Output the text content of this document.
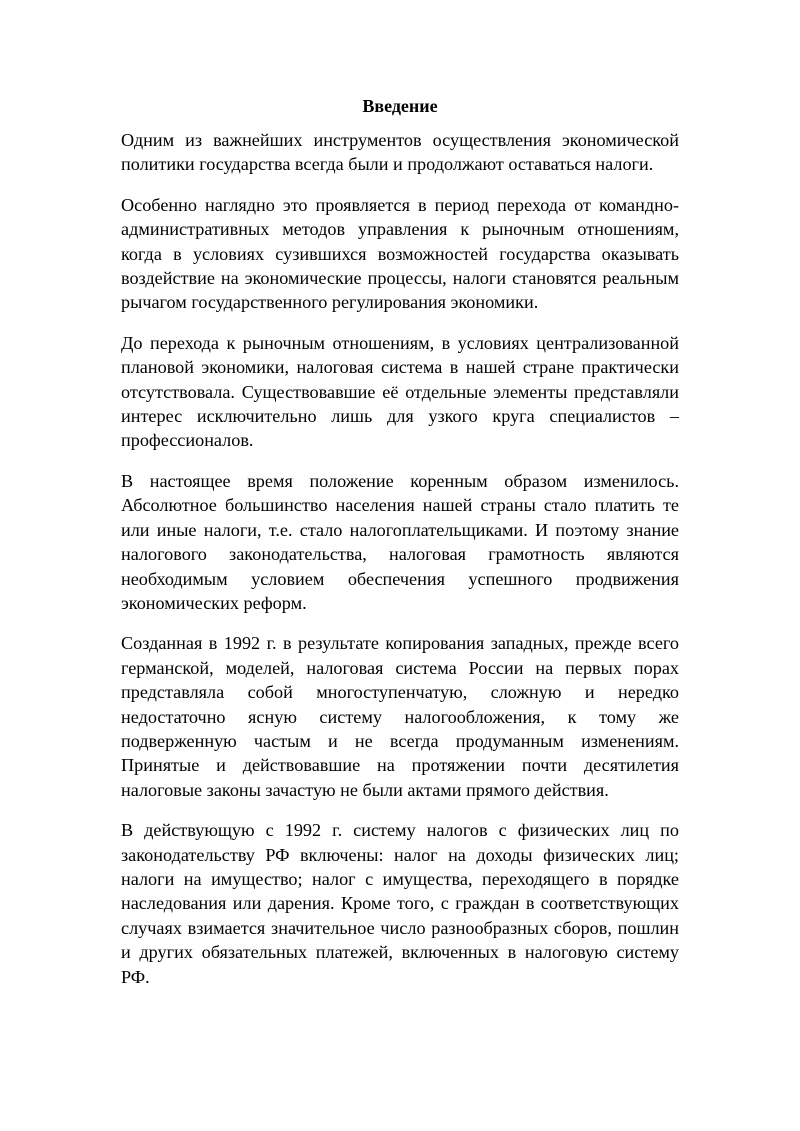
Введение

Одним из важнейших инструментов осуществления экономической политики государства всегда были и продолжают оставаться налоги.

Особенно наглядно это проявляется в период перехода от командно-административных методов управления к рыночным отношениям, когда в условиях сузившихся возможностей государства оказывать воздействие на экономические процессы, налоги становятся реальным рычагом государственного регулирования экономики.

До перехода к рыночным отношениям, в условиях централизованной плановой экономики, налоговая система в нашей стране практически отсутствовала. Существовавшие её отдельные элементы представляли интерес исключительно лишь для узкого круга специалистов – профессионалов.

В настоящее время положение коренным образом изменилось. Абсолютное большинство населения нашей страны стало платить те или иные налоги, т.е. стало налогоплательщиками. И поэтому знание налогового законодательства, налоговая грамотность являются необходимым условием обеспечения успешного продвижения экономических реформ.

Созданная в 1992 г. в результате копирования западных, прежде всего германской, моделей, налоговая система России на первых порах представляла собой многоступенчатую, сложную и нередко недостаточно ясную систему налогообложения, к тому же подверженную частым и не всегда продуманным изменениям. Принятые и действовавшие на протяжении почти десятилетия налоговые законы зачастую не были актами прямого действия.

В действующую с 1992 г. систему налогов с физических лиц по законодательству РФ включены: налог на доходы физических лиц; налоги на имущество; налог с имущества, переходящего в порядке наследования или дарения. Кроме того, с граждан в соответствующих случаях взимается значительное число разнообразных сборов, пошлин и других обязательных платежей, включенных в налоговую систему РФ.
